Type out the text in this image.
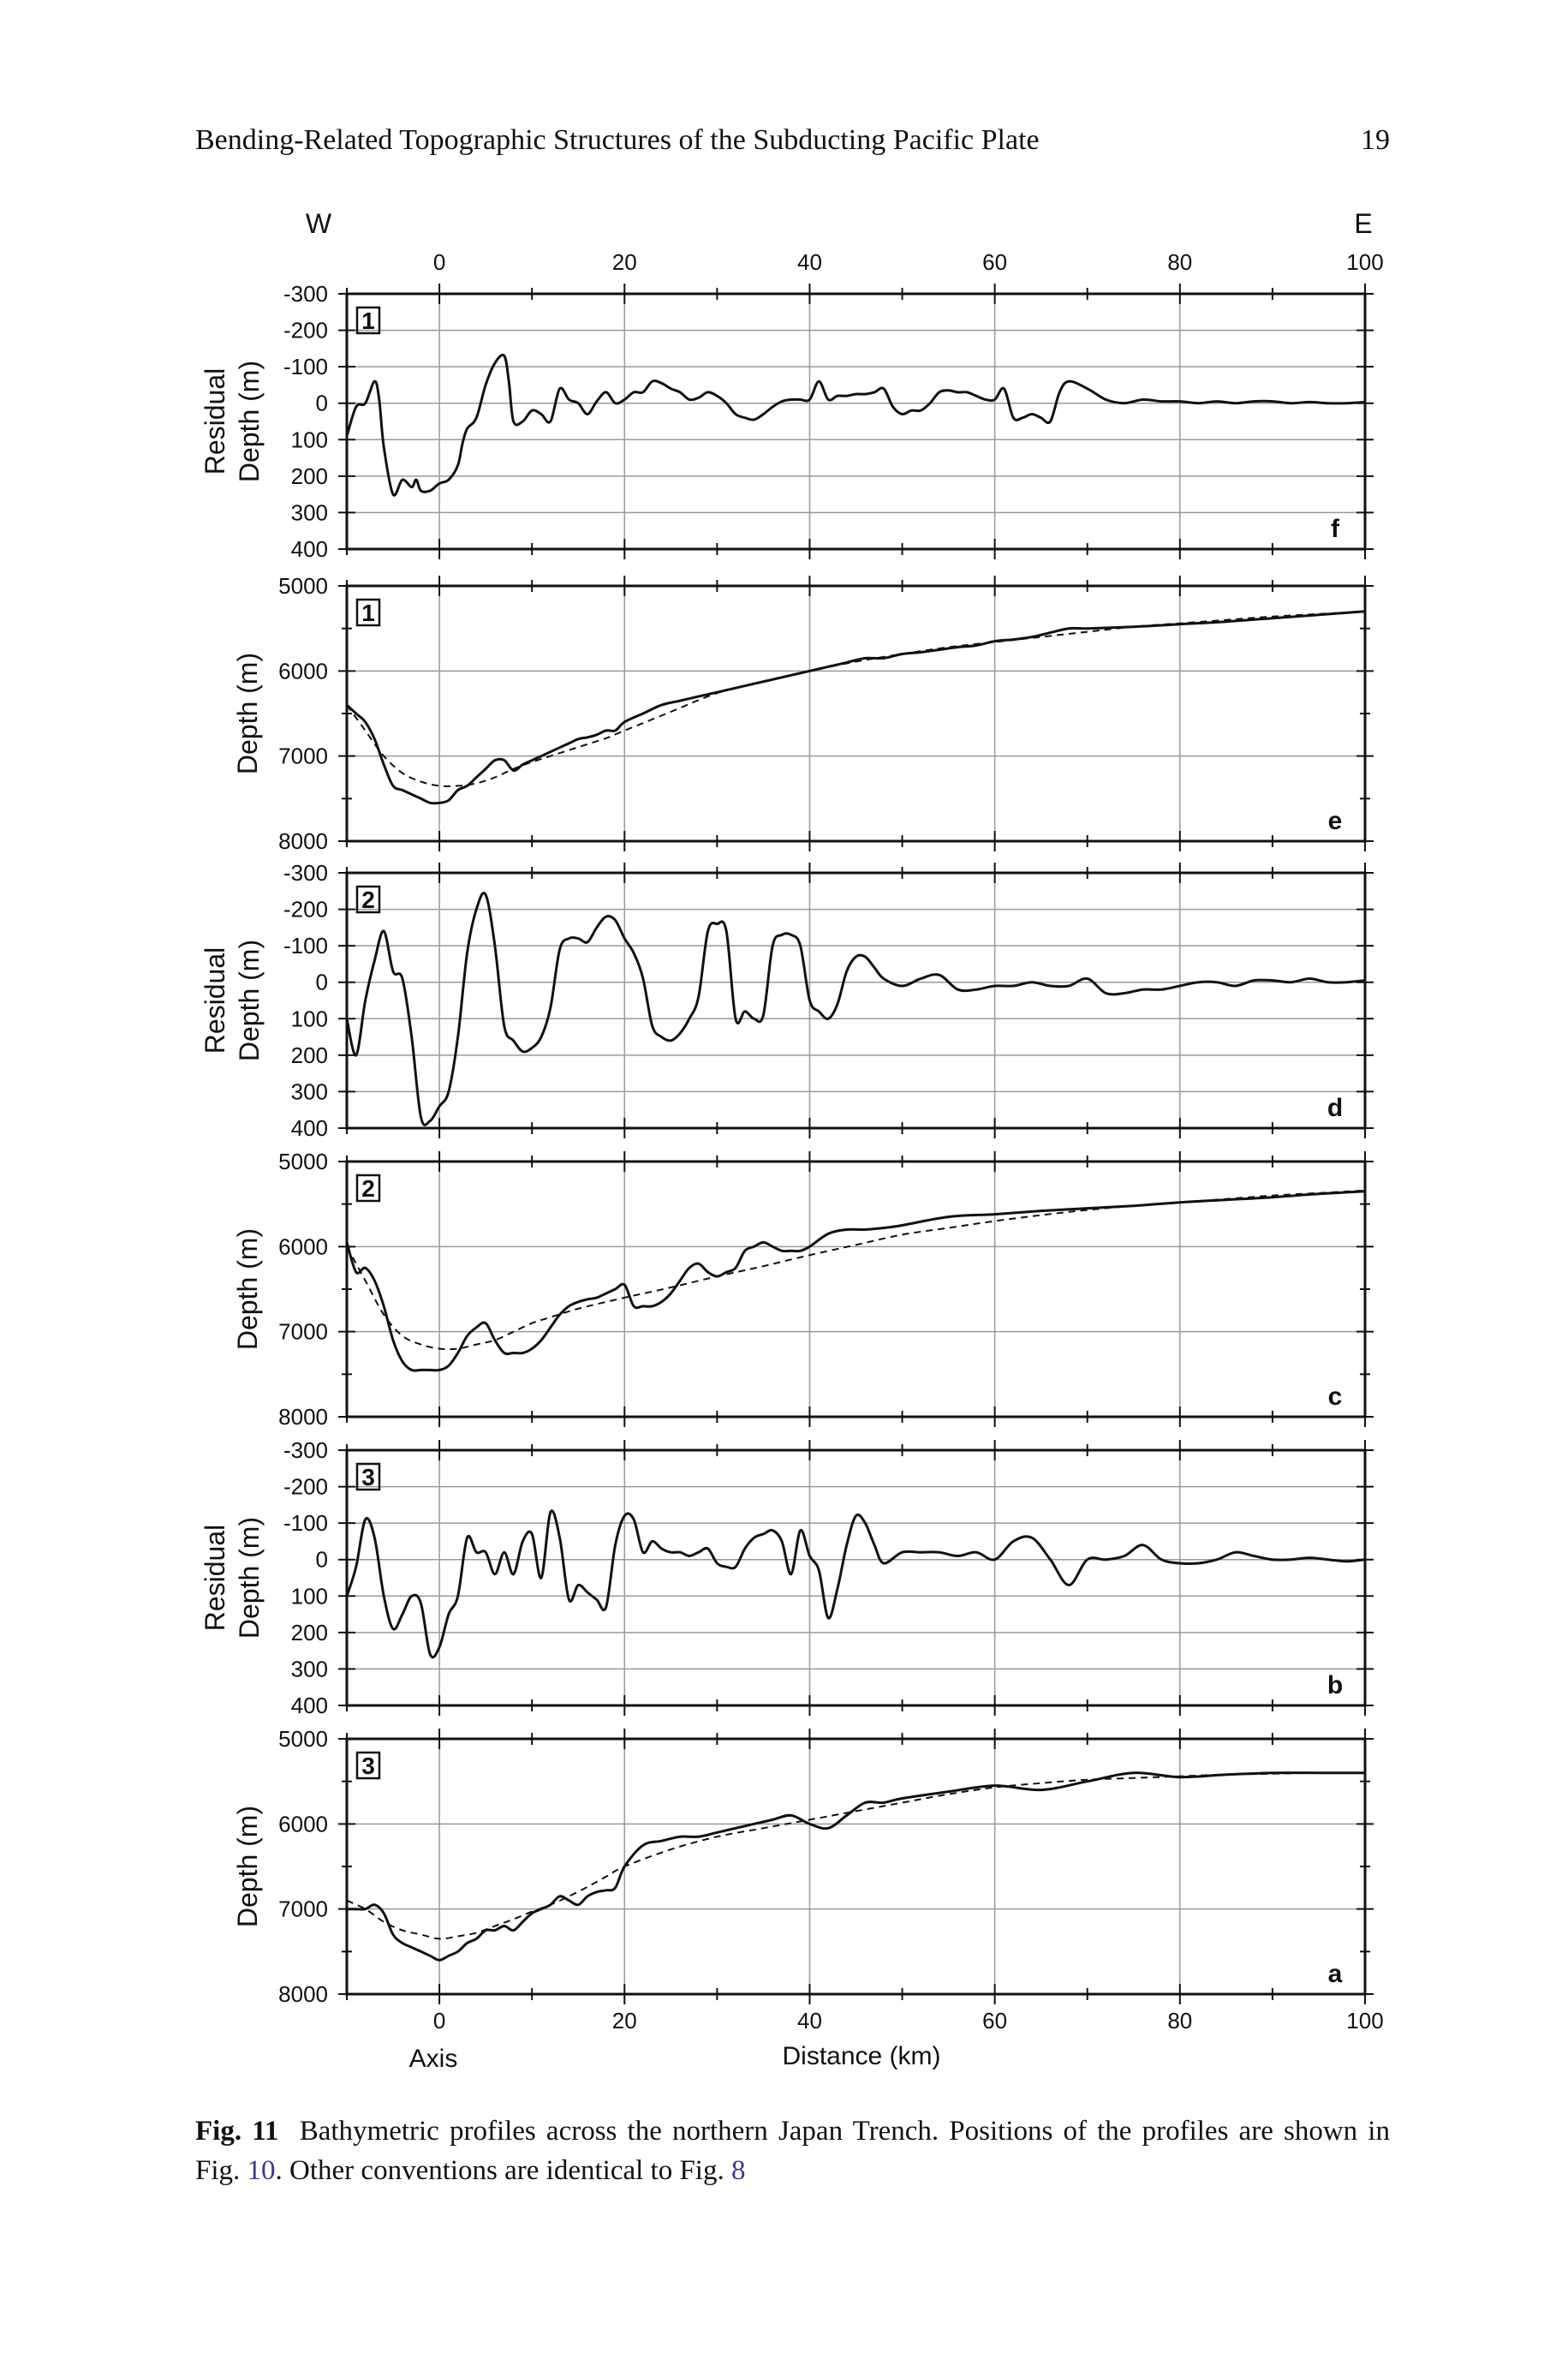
Bending-Related Topographic Structures of the Subducting Pacific Plate	19
W	E
0	20	40	60	80	100
-300
-200
-100
0
100
200
300
400
Residual Depth (m)
1
f
5000
6000
7000
8000
Depth (m)
1
e
-300
-200
-100
0
100
200
300
400
Residual Depth (m)
2
d
5000
6000
7000
8000
Depth (m)
2
c
-300
-200
-100
0
100
200
300
400
Residual Depth (m)
3
b
5000
6000
7000
8000
Depth (m)
3
a
0	20	40	60	80	100
Axis	Distance (km)
Fig. 11 Bathymetric profiles across the northern Japan Trench. Positions of the profiles are shown in Fig. 10. Other conventions are identical to Fig. 8
